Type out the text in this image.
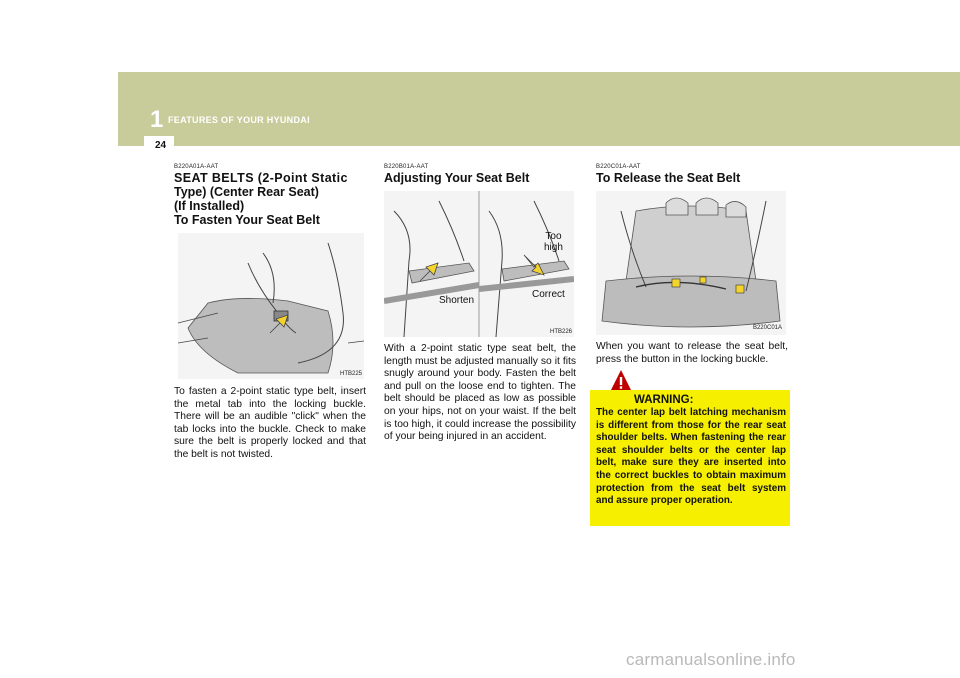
1 FEATURES OF YOUR HYUNDAI
24
B220A01A-AAT
SEAT BELTS (2-Point Static
Type) (Center Rear Seat)
(If Installed)
To Fasten Your Seat Belt
HTB225
To fasten a 2-point static type belt, insert the metal tab into the locking buckle. There will be an audible "click" when the tab locks into the buckle. Check to make sure the belt is properly locked and that the belt is not twisted.
B220B01A-AAT
Adjusting Your Seat Belt
Too
high
Shorten
Correct
HTB226
With a 2-point static type seat belt, the length must be adjusted manually so it fits snugly around your body. Fasten the belt and pull on the loose end to tighten. The belt should be placed as low as possible on your hips, not on your waist. If the belt is too high, it could increase the possibility of your being injured in an accident.
B220C01A-AAT
To Release the Seat Belt
B220C01A
When you want to release the seat belt, press the button in the locking buckle.
WARNING:
The center lap belt latching mechanism is different from those for the rear seat shoulder belts. When fastening the rear seat shoulder belts or the center lap belt, make sure they are inserted into the correct buckles to obtain maximum protection from the seat belt system and assure proper operation.
carmanualsonline.info
